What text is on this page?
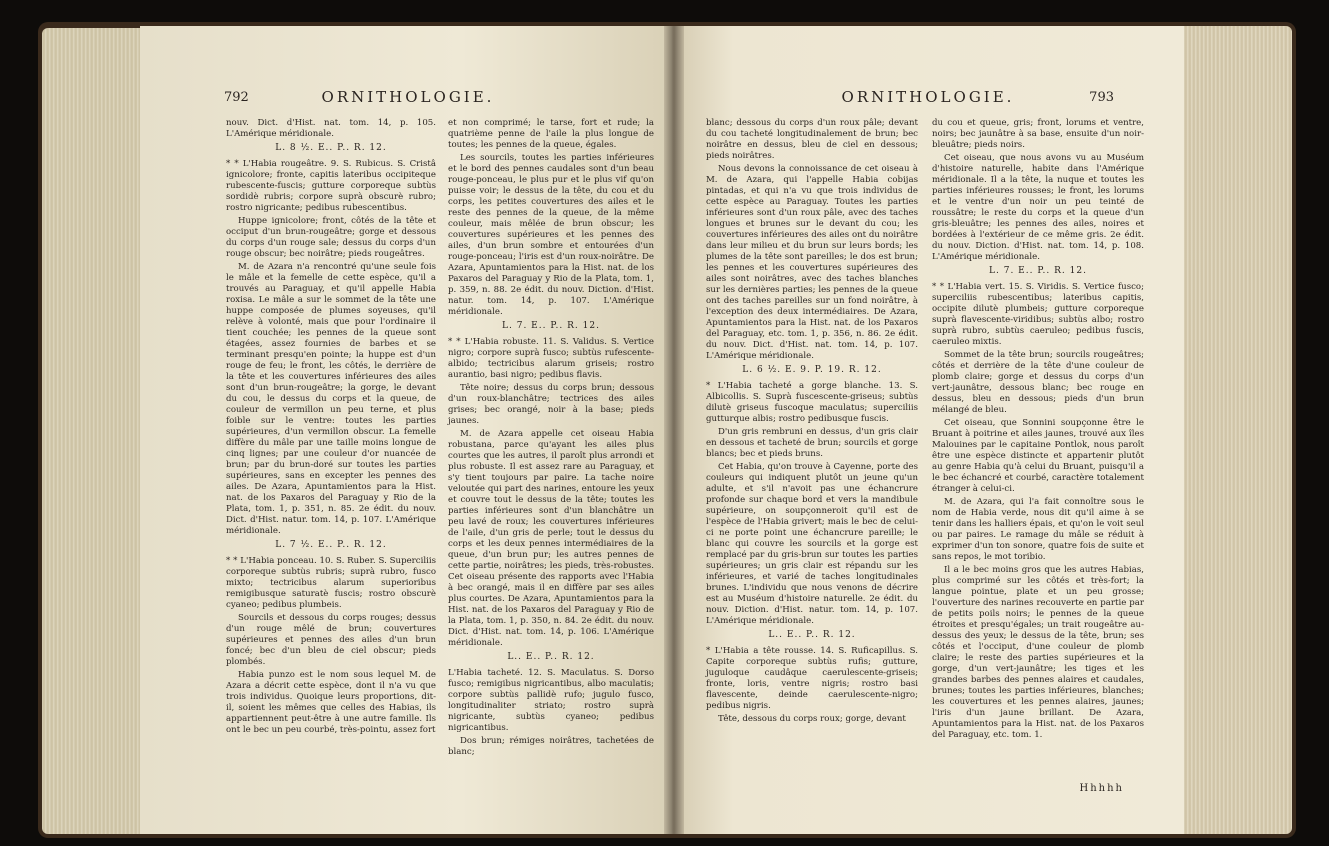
792	ORNITHOLOGIE.

nouv. Dict. d'Hist. nat. tom. 14, p. 105. L'Amérique méridionale.

L. 8 ½. E.. P.. R. 12.

* * L'Habia rougeâtre. 9. S. Rubicus. S. Cristâ ignicolore; fronte, capitis lateribus occipiteque rubescente-fuscis; gutture corporeque subtùs sordidè rubris; corpore suprà obscurè rubro; rostro nigricante; pedibus rubescentibus.

Huppe ignicolore; front, côtés de la tête et occiput d'un brun-rougeâtre; gorge et dessous du corps d'un rouge sale; dessus du corps d'un rouge obscur; bec noirâtre; pieds rougeâtres.

M. de Azara n'a rencontré qu'une seule fois le mâle et la femelle de cette espèce, qu'il a trouvés au Paraguay, et qu'il appelle Habia roxisa. Le mâle a sur le sommet de la tête une huppe composée de plumes soyeuses, qu'il relève à volonté, mais que pour l'ordinaire il tient couchée; les pennes de la queue sont étagées, assez fournies de barbes et se terminant presqu'en pointe; la huppe est d'un rouge de feu; le front, les côtés, le derrière de la tête et les couvertures inférieures des ailes sont d'un brun-rougeâtre; la gorge, le devant du cou, le dessus du corps et la queue, de couleur de vermillon un peu terne, et plus foible sur le ventre: toutes les parties supérieures, d'un vermillon obscur. La femelle diffère du mâle par une taille moins longue de cinq lignes; par une couleur d'or nuancée de brun; par du brun-doré sur toutes les parties supérieures, sans en excepter les pennes des ailes. De Azara, Apuntamientos para la Hist. nat. de los Paxaros del Paraguay y Rio de la Plata, tom. 1, p. 351, n. 85. 2e édit. du nouv. Dict. d'Hist. natur. tom. 14, p. 107. L'Amérique méridionale.

L. 7 ½. E.. P.. R. 12.

* * L'Habia ponceau. 10. S. Ruber. S. Superciliis corporeque subtùs rubris; suprà rubro, fusco mixto; tectricibus alarum superioribus remigibusque saturatè fuscis; rostro obscurè cyaneo; pedibus plumbeis.

Sourcils et dessous du corps rouges; dessus d'un rouge mêlé de brun; couvertures supérieures et pennes des ailes d'un brun foncé; bec d'un bleu de ciel obscur; pieds plombés.

Habia punzo est le nom sous lequel M. de Azara a décrit cette espèce, dont il n'a vu que trois individus. Quoique leurs proportions, dit-il, soient les mêmes que celles des Habias, ils appartiennent peut-être à une autre famille. Ils ont le bec un peu courbé, très-pointu, assez fort

et non comprimé; le tarse, fort et rude; la quatrième penne de l'aile la plus longue de toutes; les pennes de la queue, égales.

Les sourcils, toutes les parties inférieures et le bord des pennes caudales sont d'un beau rouge-ponceau, le plus pur et le plus vif qu'on puisse voir; le dessus de la tête, du cou et du corps, les petites couvertures des ailes et le reste des pennes de la queue, de la même couleur, mais mêlée de brun obscur; les couvertures supérieures et les pennes des ailes, d'un brun sombre et entourées d'un rouge-ponceau; l'iris est d'un roux-noirâtre. De Azara, Apuntamientos para la Hist. nat. de los Paxaros del Paraguay y Rio de la Plata, tom. 1, p. 359, n. 88. 2e édit. du nouv. Diction. d'Hist. natur. tom. 14, p. 107. L'Amérique méridionale.

L. 7. E.. P.. R. 12.

* * L'Habia robuste. 11. S. Validus. S. Vertice nigro; corpore suprà fusco; subtùs rufescente-albido; tectricibus alarum griseis; rostro aurantio, basi nigro; pedibus flavis.

Tête noire; dessus du corps brun; dessous d'un roux-blanchâtre; tectrices des ailes grises; bec orangé, noir à la base; pieds jaunes.

M. de Azara appelle cet oiseau Habia robustana, parce qu'ayant les ailes plus courtes que les autres, il paroît plus arrondi et plus robuste. Il est assez rare au Paraguay, et s'y tient toujours par paire. La tache noire veloutée qui part des narines, entoure les yeux et couvre tout le dessus de la tête; toutes les parties inférieures sont d'un blanchâtre un peu lavé de roux; les couvertures inférieures de l'aile, d'un gris de perle; tout le dessus du corps et les deux pennes intermédiaires de la queue, d'un brun pur; les autres pennes de cette partie, noirâtres; les pieds, très-robustes. Cet oiseau présente des rapports avec l'Habia à bec orangé, mais il en diffère par ses ailes plus courtes. De Azara, Apuntamientos para la Hist. nat. de los Paxaros del Paraguay y Rio de la Plata, tom. 1, p. 350, n. 84. 2e édit. du nouv. Dict. d'Hist. nat. tom. 14, p. 106. L'Amérique méridionale.

L.. E.. P.. R. 12.

L'Habia tacheté. 12. S. Maculatus. S. Dorso fusco; remigibus nigricantibus, albo maculatis; corpore subtùs pallidè rufo; jugulo fusco, longitudinaliter striato; rostro suprà nigricante, subtùs cyaneo; pedibus nigricantibus.

Dos brun; rémiges noirâtres, tachetées de blanc;

ORNITHOLOGIE.	793

blanc; dessous du corps d'un roux pâle; devant du cou tacheté longitudinalement de brun; bec noirâtre en dessus, bleu de ciel en dessous; pieds noirâtres.

Nous devons la connoissance de cet oiseau à M. de Azara, qui l'appelle Habia cobijas pintadas, et qui n'a vu que trois individus de cette espèce au Paraguay. Toutes les parties inférieures sont d'un roux pâle, avec des taches longues et brunes sur le devant du cou; les couvertures inférieures des ailes ont du noirâtre dans leur milieu et du brun sur leurs bords; les plumes de la tête sont pareilles; le dos est brun; les pennes et les couvertures supérieures des ailes sont noirâtres, avec des taches blanches sur les dernières parties; les pennes de la queue ont des taches pareilles sur un fond noirâtre, à l'exception des deux intermédiaires. De Azara, Apuntamientos para la Hist. nat. de los Paxaros del Paraguay, etc. tom. 1, p. 356, n. 86. 2e édit. du nouv. Dict. d'Hist. nat. tom. 14, p. 107. L'Amérique méridionale.

L. 6 ½. E. 9. P. 19. R. 12.

* L'Habia tacheté a gorge blanche. 13. S. Albicollis. S. Suprà fuscescente-griseus; subtùs dilutè griseus fuscoque maculatus; superciliis gutturque albis; rostro pedibusque fuscis.

D'un gris rembruni en dessus, d'un gris clair en dessous et tacheté de brun; sourcils et gorge blancs; bec et pieds bruns.

Cet Habia, qu'on trouve à Cayenne, porte des couleurs qui indiquent plutôt un jeune qu'un adulte, et s'il n'avoit pas une échancrure profonde sur chaque bord et vers la mandibule supérieure, on soupçonneroit qu'il est de l'espèce de l'Habia grivert; mais le bec de celui-ci ne porte point une échancrure pareille; le blanc qui couvre les sourcils et la gorge est remplacé par du gris-brun sur toutes les parties supérieures; un gris clair est répandu sur les inférieures, et varié de taches longitudinales brunes. L'individu que nous venons de décrire est au Muséum d'histoire naturelle. 2e édit. du nouv. Diction. d'Hist. natur. tom. 14, p. 107. L'Amérique méridionale.

L.. E.. P.. R. 12.

* L'Habia a tête rousse. 14. S. Ruficapillus. S. Capite corporeque subtùs rufis; gutture, juguloque caudâque caerulescente-griseis; fronte, loris, ventre nigris; rostro basi flavescente, deinde caerulescente-nigro; pedibus nigris.

Tête, dessous du corps roux; gorge, devant

du cou et queue, gris; front, lorums et ventre, noirs; bec jaunâtre à sa base, ensuite d'un noir-bleuâtre; pieds noirs.

Cet oiseau, que nous avons vu au Muséum d'histoire naturelle, habite dans l'Amérique méridionale. Il a la tête, la nuque et toutes les parties inférieures rousses; le front, les lorums et le ventre d'un noir un peu teinté de roussâtre; le reste du corps et la queue d'un gris-bleuâtre; les pennes des ailes, noires et bordées à l'extérieur de ce même gris. 2e édit. du nouv. Diction. d'Hist. nat. tom. 14, p. 108. L'Amérique méridionale.

L. 7. E.. P.. R. 12.

* * L'Habia vert. 15. S. Viridis. S. Vertice fusco; superciliis rubescentibus; lateribus capitis, occipite dilutè plumbeis; gutture corporeque suprà flavescente-viridibus; subtùs albo; rostro suprà rubro, subtùs caeruleo; pedibus fuscis, caeruleo mixtis.

Sommet de la tête brun; sourcils rougeâtres; côtés et derrière de la tête d'une couleur de plomb claire; gorge et dessus du corps d'un vert-jaunâtre, dessous blanc; bec rouge en dessus, bleu en dessous; pieds d'un brun mélangé de bleu.

Cet oiseau, que Sonnini soupçonne être le Bruant à poitrine et ailes jaunes, trouvé aux îles Malouines par le capitaine Pontlok, nous paroît être une espèce distincte et appartenir plutôt au genre Habia qu'à celui du Bruant, puisqu'il a le bec échancré et courbé, caractère totalement étranger à celui-ci.

M. de Azara, qui l'a fait connoître sous le nom de Habia verde, nous dit qu'il aime à se tenir dans les halliers épais, et qu'on le voit seul ou par paires. Le ramage du mâle se réduit à exprimer d'un ton sonore, quatre fois de suite et sans repos, le mot toribio.

Il a le bec moins gros que les autres Habias, plus comprimé sur les côtés et très-fort; la langue pointue, plate et un peu grosse; l'ouverture des narines recouverte en partie par de petits poils noirs; le pennes de la queue étroites et presqu'égales; un trait rougeâtre au-dessus des yeux; le dessus de la tête, brun; ses côtés et l'occiput, d'une couleur de plomb claire; le reste des parties supérieures et la gorge, d'un vert-jaunâtre; les tiges et les grandes barbes des pennes alaires et caudales, brunes; toutes les parties inférieures, blanches; les couvertures et les pennes alaires, jaunes; l'iris d'un jaune brillant. De Azara, Apuntamientos para la Hist. nat. de los Paxaros del Paraguay, etc. tom. 1.

Hhhhh
